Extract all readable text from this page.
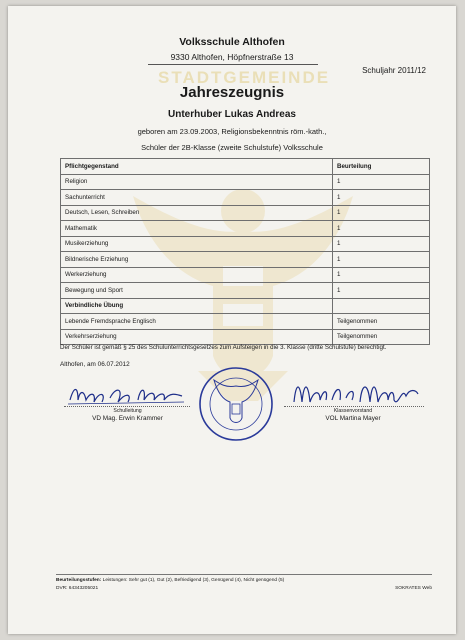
STADTGEMEINDE
Volksschule Althofen
9330 Althofen, Höpfnerstraße 13
Schuljahr 2011/12
Jahreszeugnis
Unterhuber Lukas Andreas
geboren am 23.09.2003, Religionsbekenntnis röm.-kath.,
Schüler der 2B-Klasse (zweite Schulstufe) Volksschule
Pflichtgegenstand	Beurteilung
Religion	1
Sachunterricht	1
Deutsch, Lesen, Schreiben	1
Mathematik	1
Musikerziehung	1
Bildnerische Erziehung	1
Werkerziehung	1
Bewegung und Sport	1
Verbindliche Übung	
Lebende Fremdsprache Englisch	Teilgenommen
Verkehrserziehung	Teilgenommen
Der Schüler ist gemäß § 25 des Schulunterrichtsgesetzes zum Aufsteigen in die 3. Klasse (dritte Schulstufe) berechtigt.
Althofen, am 06.07.2012
Schulleitung
VD Mag. Erwin Krammer
Klassenvorstand
VOL Martina Mayer
Beurteilungsstufen: Leistungen: Sehr gut (1), Gut (2), Befriedigend (3), Genügend (4), Nicht genügend (5)
DVR: 64343205021	SOKRATES Web
